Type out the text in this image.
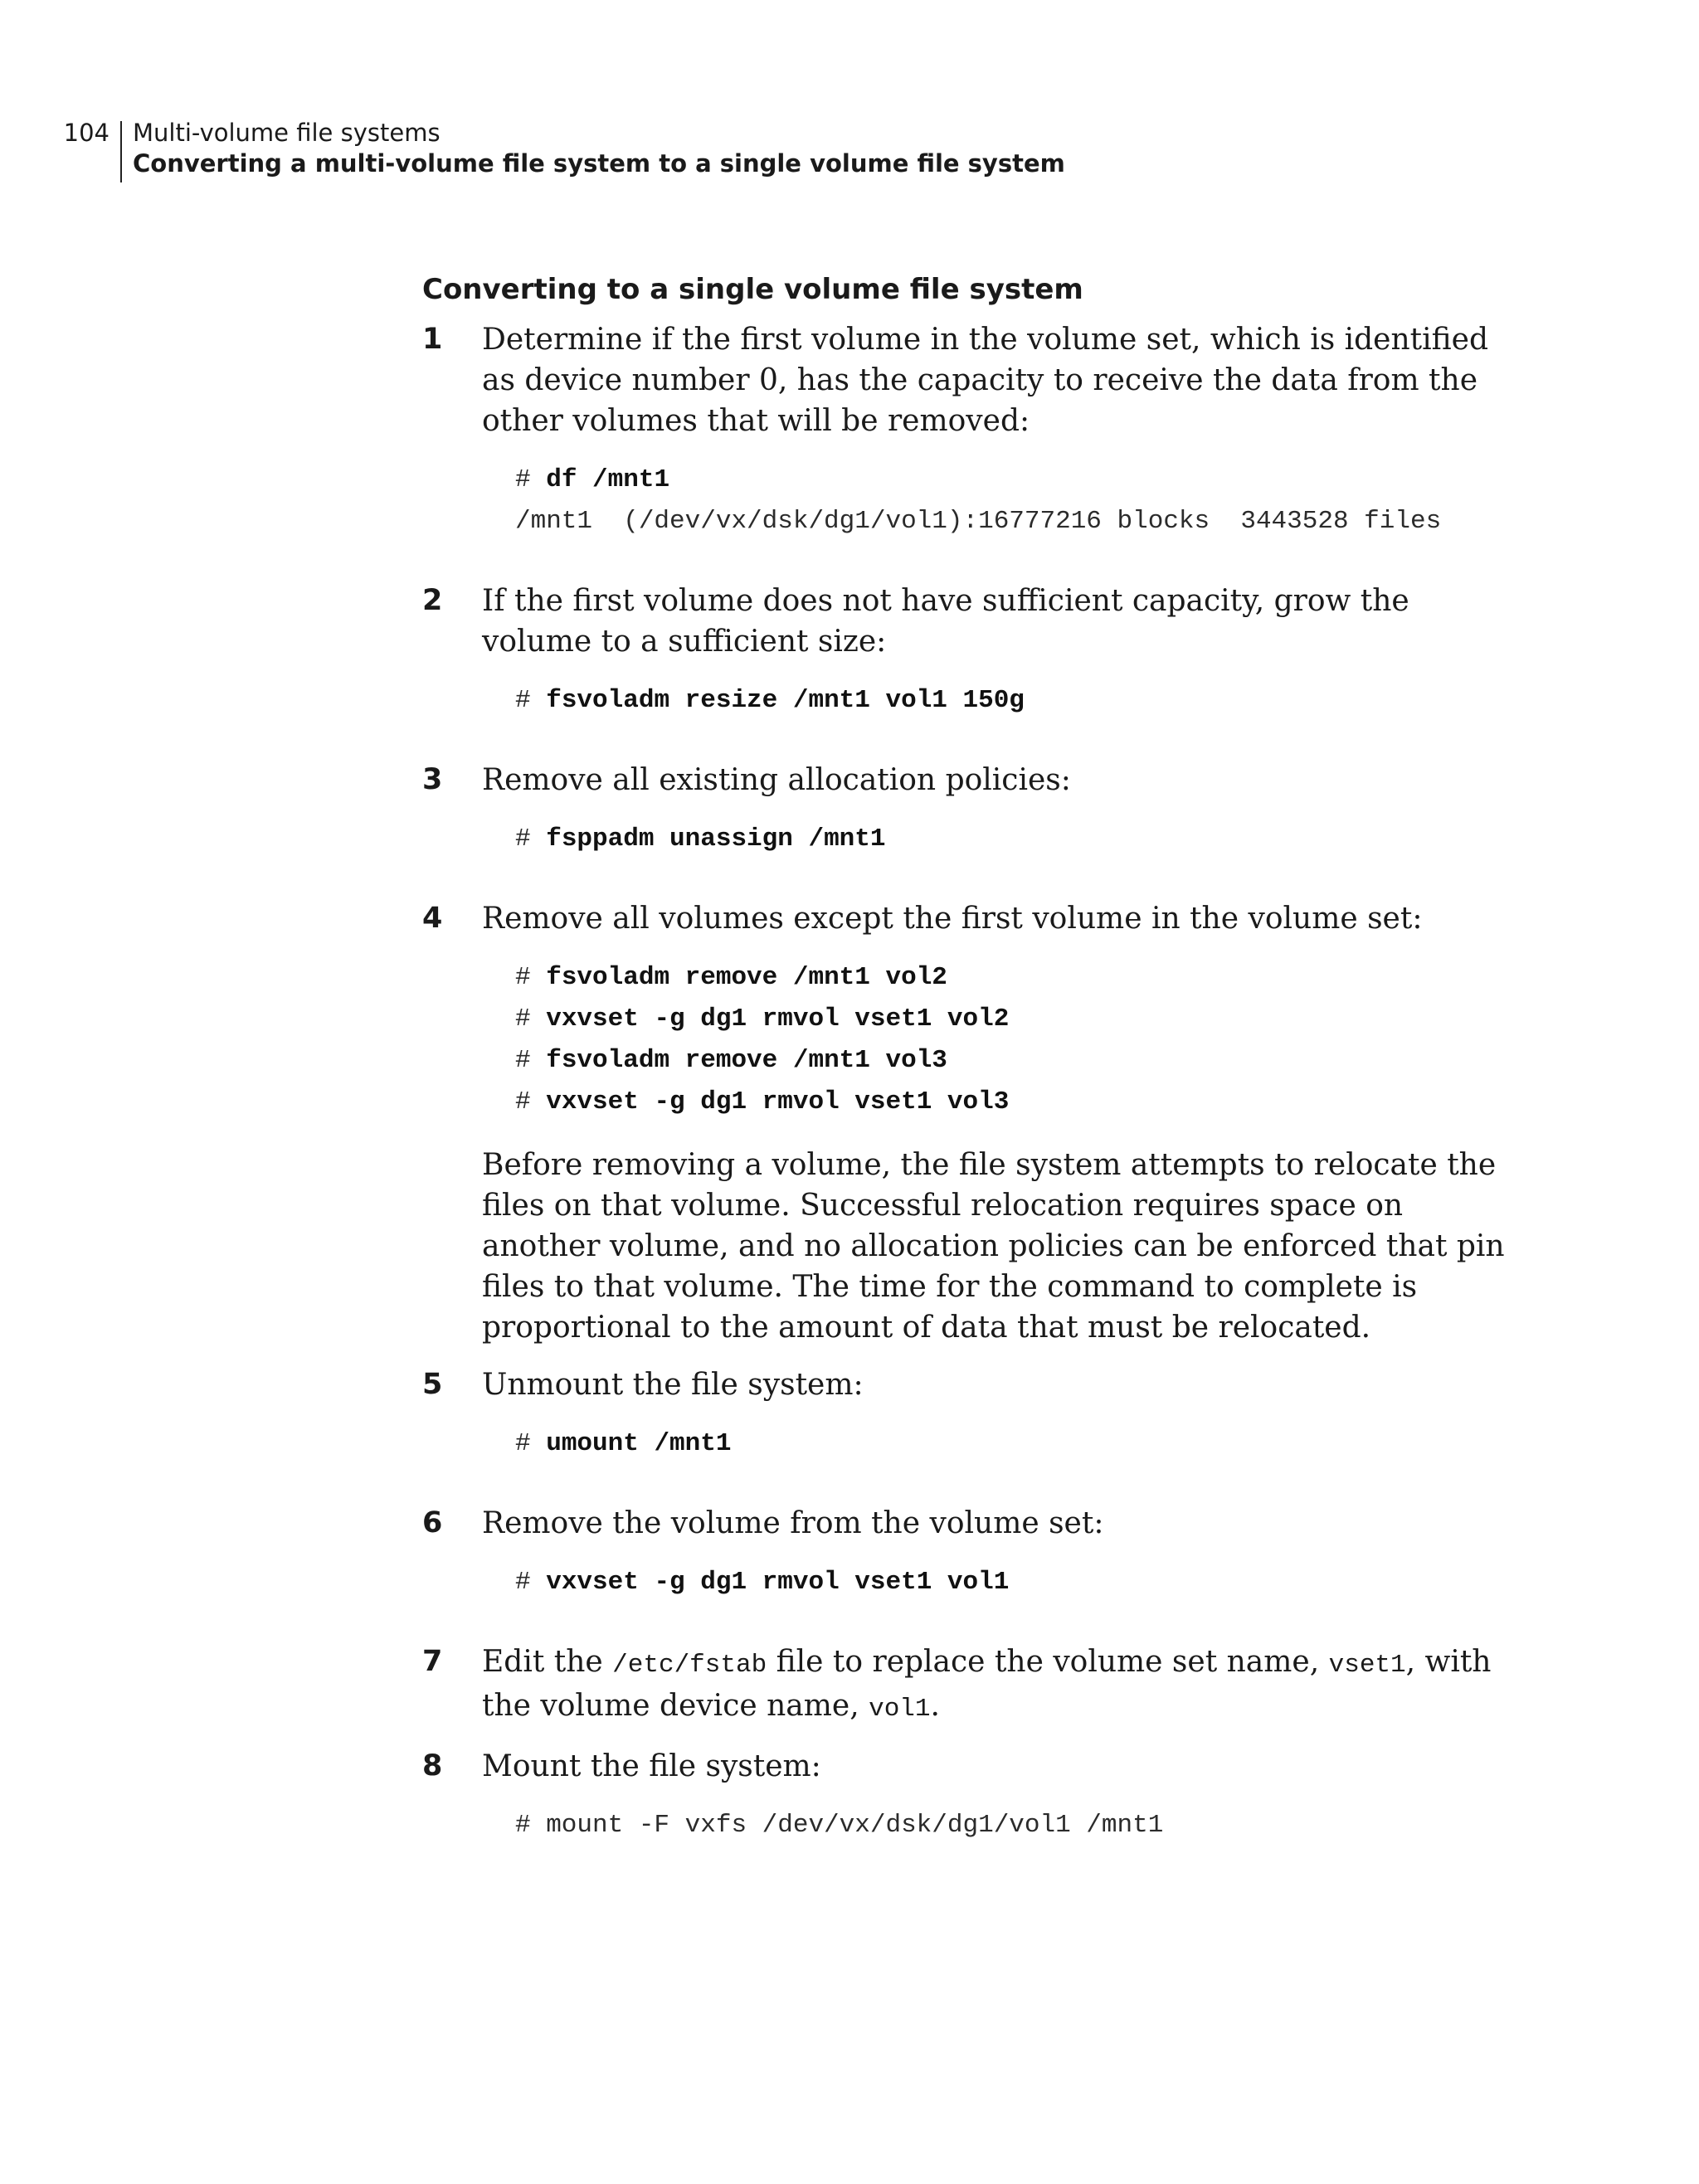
104 Multi-volume file systems
Converting a multi-volume file system to a single volume file system
Converting to a single volume file system
1 Determine if the first volume in the volume set, which is identified as device number 0, has the capacity to receive the data from the other volumes that will be removed:

# df /mnt1
/mnt1  (/dev/vx/dsk/dg1/vol1):16777216 blocks  3443528 files
2 If the first volume does not have sufficient capacity, grow the volume to a sufficient size:

# fsvoladm resize /mnt1 vol1 150g
3 Remove all existing allocation policies:

# fsppadm unassign /mnt1
4 Remove all volumes except the first volume in the volume set:

# fsvoladm remove /mnt1 vol2
# vxvset -g dg1 rmvol vset1 vol2
# fsvoladm remove /mnt1 vol3
# vxvset -g dg1 rmvol vset1 vol3

Before removing a volume, the file system attempts to relocate the files on that volume. Successful relocation requires space on another volume, and no allocation policies can be enforced that pin files to that volume. The time for the command to complete is proportional to the amount of data that must be relocated.

5 Unmount the file system:

# umount /mnt1
6 Remove the volume from the volume set:

# vxvset -g dg1 rmvol vset1 vol1
7 Edit the /etc/fstab file to replace the volume set name, vset1, with the volume device name, vol1.

8 Mount the file system:

# mount -F vxfs /dev/vx/dsk/dg1/vol1 /mnt1
